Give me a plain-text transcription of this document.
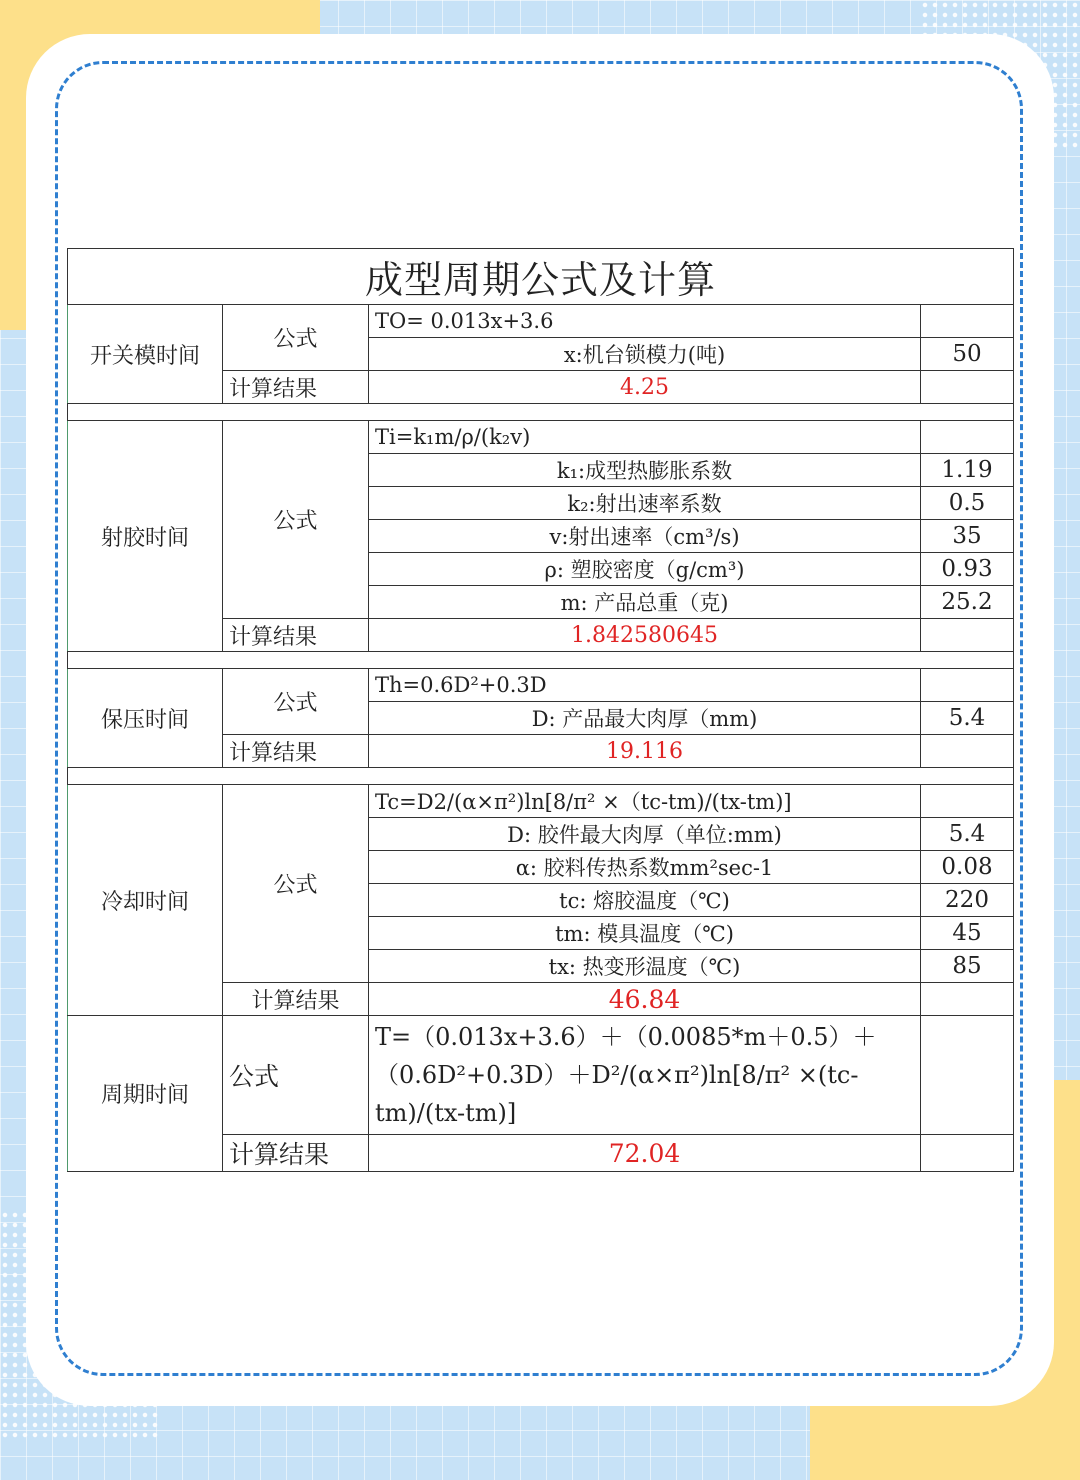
成型周期公式及计算			
开关模时间	公式	TO= 0.013x+3.6	
		x:机台锁模力(吨)	50
	计算结果	4.25	

射胶时间	公式	Ti=k₁m/ρ/(k₂v)	
		k₁:成型热膨胀系数	1.19
		k₂:射出速率系数	0.5
		v:射出速率（cm³/s)	35
		ρ: 塑胶密度（g/cm³)	0.93
		m: 产品总重（克)	25.2
	计算结果	1.842580645	

保压时间	公式	Th=0.6D²+0.3D	
		D: 产品最大肉厚（mm)	5.4
	计算结果	19.116	

冷却时间	公式	Tc=D2/(α×π²)ln[8/π² ×（tc-tm)/(tx-tm)]	
		D: 胶件最大肉厚（单位:mm)	5.4
		α: 胶料传热系数mm²sec-1	0.08
		tc: 熔胶温度（℃)	220
		tm: 模具温度（℃)	45
		tx: 热变形温度（℃)	85
	计算结果	46.84	
周期时间	公式	T=（0.013x+3.6）＋（0.0085*m＋0.5）＋（0.6D²+0.3D）＋D²/(α×π²)ln[8/π² ×(tc-tm)/(tx-tm)]	
	计算结果	72.04	
